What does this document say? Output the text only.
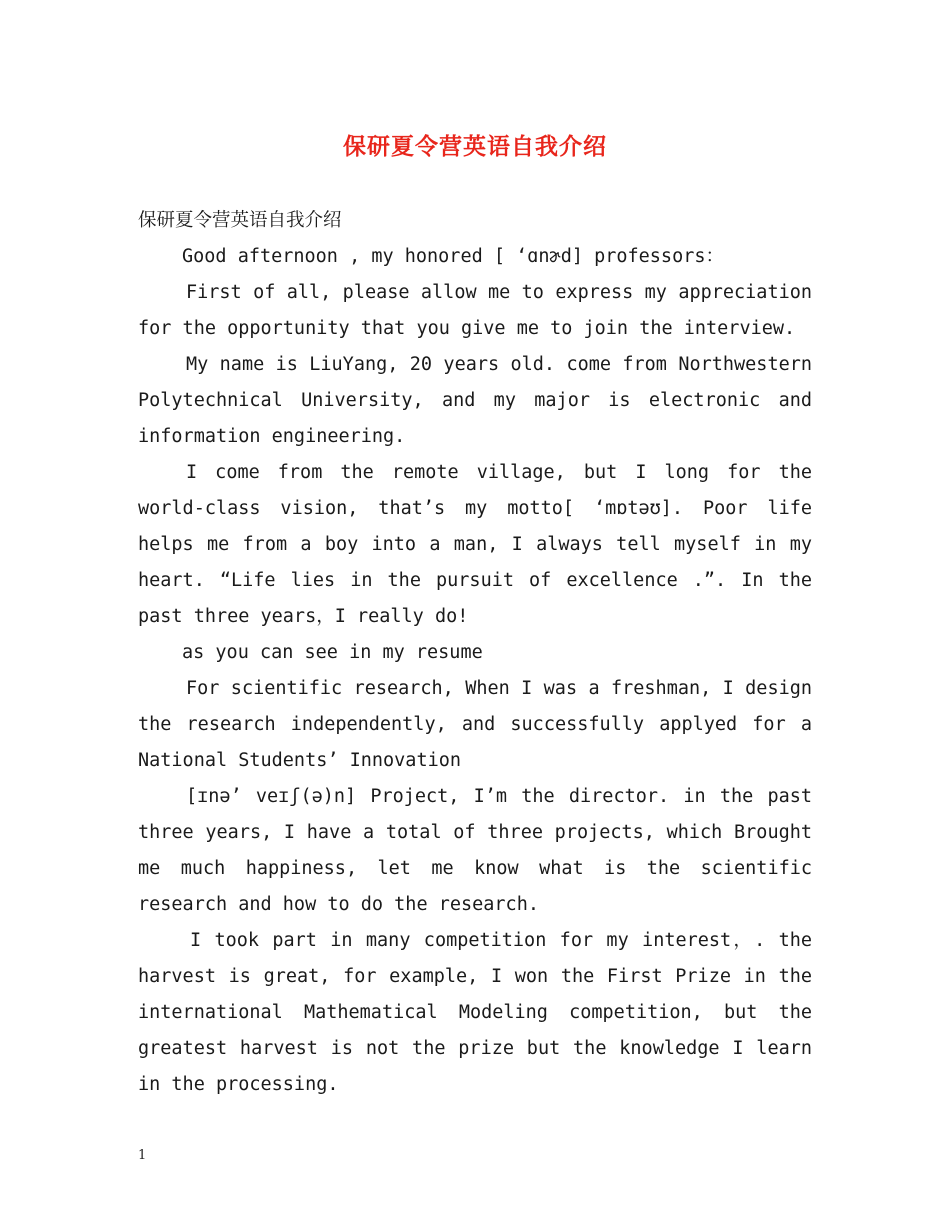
保研夏令营英语自我介绍

保研夏令营英语自我介绍

Good afternoon , my honored [ ‘ɑnɚd] professors：

First of all, please allow me to express my appreciation for the opportunity that you give me to join the interview.

My name is LiuYang, 20 years old. come from Northwestern Polytechnical University, and my major is electronic and information engineering.

I come from the remote village, but I long for the world-class vision, that’s my motto[ ‘mɒtəʊ]. Poor life helps me from a boy into a man, I always tell myself in my heart. “Life lies in the pursuit of excellence .”. In the past three years，I really do!

as you can see in my resume

For scientific research, When I was a freshman, I design the research independently, and successfully applyed for a National Students’ Innovation

[ɪnə’ veɪʃ(ə)n] Project, I’m the director. in the past three years, I have a total of three projects, which Brought me much happiness, let me know what is the scientific research and how to do the research.

I took part in many competition for my interest，. the harvest is great, for example, I won the First Prize in the international Mathematical Modeling competition, but the greatest harvest is not the prize but the knowledge I learn in the processing.

1
